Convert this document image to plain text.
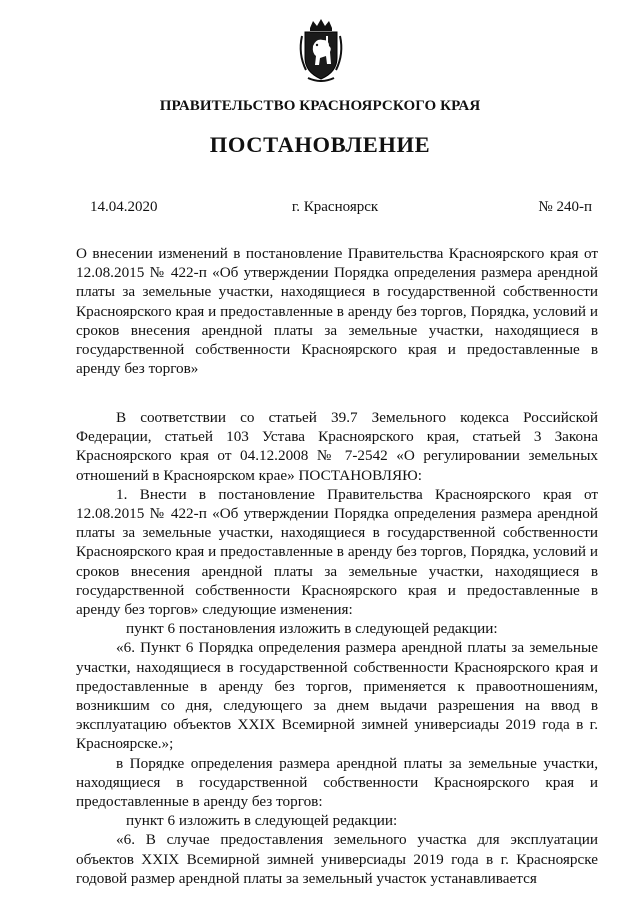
ПРАВИТЕЛЬСТВО КРАСНОЯРСКОГО КРАЯ
ПОСТАНОВЛЕНИЕ
14.04.2020	г. Красноярск	№ 240-п
О внесении изменений в постановление Правительства Красноярского края от 12.08.2015 № 422-п «Об утверждении Порядка определения размера арендной платы за земельные участки, находящиеся в государственной собственности Красноярского края и предоставленные в аренду без торгов, Порядка, условий и сроков внесения арендной платы за земельные участки, находящиеся в государственной собственности Красноярского края и предоставленные в аренду без торгов»

В соответствии со статьей 39.7 Земельного кодекса Российской Федерации, статьей 103 Устава Красноярского края, статьей 3 Закона Красноярского края от 04.12.2008 № 7-2542 «О регулировании земельных отношений в Красноярском крае» ПОСТАНОВЛЯЮ:

1. Внести в постановление Правительства Красноярского края от 12.08.2015 № 422-п «Об утверждении Порядка определения размера арендной платы за земельные участки, находящиеся в государственной собственности Красноярского края и предоставленные в аренду без торгов, Порядка, условий и сроков внесения арендной платы за земельные участки, находящиеся в государственной собственности Красноярского края и предоставленные в аренду без торгов» следующие изменения:

пункт 6 постановления изложить в следующей редакции:

«6. Пункт 6 Порядка определения размера арендной платы за земельные участки, находящиеся в государственной собственности Красноярского края и предоставленные в аренду без торгов, применяется к правоотношениям, возникшим со дня, следующего за днем выдачи разрешения на ввод в эксплуатацию объектов XXIX Всемирной зимней универсиады 2019 года в г. Красноярске.»;

в Порядке определения размера арендной платы за земельные участки, находящиеся в государственной собственности Красноярского края и предоставленные в аренду без торгов:

пункт 6 изложить в следующей редакции:

«6. В случае предоставления земельного участка для эксплуатации объектов XXIX Всемирной зимней универсиады 2019 года в г. Красноярске годовой размер арендной платы за земельный участок устанавливается
